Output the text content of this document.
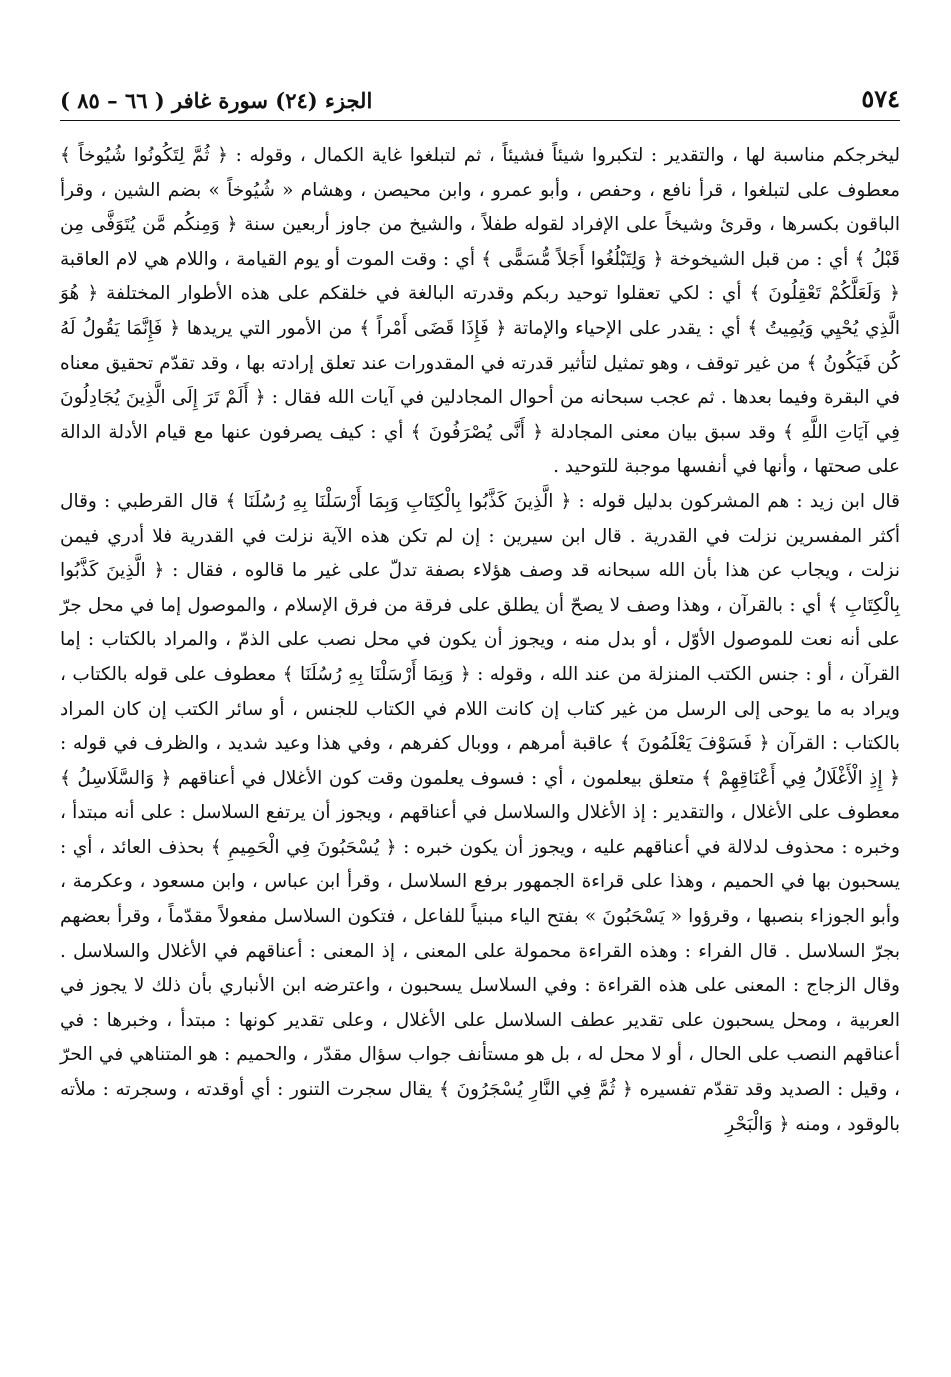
٥٧٤
الجزء (٢٤) سورة غافر ( ٦٦ – ٨٥ )

ليخرجكم مناسبة لها ، والتقدير : لتكبروا شيئاً فشيئاً ، ثم لتبلغوا غاية الكمال ، وقوله : ﴿ ثُمَّ لِتَكُونُوا شُيُوخاً ﴾ معطوف على لتبلغوا ، قرأ نافع ، وحفص ، وأبو عمرو ، وابن محيصن ، وهشام « شُيُوخاً » بضم الشين ، وقرأ الباقون بكسرها ، وقرئ وشيخاً على الإفراد لقوله طفلاً ، والشيخ من جاوز أربعين سنة ﴿ وَمِنكُم مَّن يُتَوَفَّى مِن قَبْلُ ﴾ أي : من قبل الشيخوخة ﴿ وَلِتَبْلُغُوا أَجَلاً مُّسَمًّى ﴾ أي : وقت الموت أو يوم القيامة ، واللام هي لام العاقبة ﴿ وَلَعَلَّكُمْ تَعْقِلُونَ ﴾ أي : لكي تعقلوا توحيد ربكم وقدرته البالغة في خلقكم على هذه الأطوار المختلفة ﴿ هُوَ الَّذِي يُحْيِي وَيُمِيتُ ﴾ أي : يقدر على الإحياء والإماتة ﴿ فَإِذَا قَضَى أَمْراً ﴾ من الأمور التي يريدها ﴿ فَإِنَّمَا يَقُولُ لَهُ كُن فَيَكُونُ ﴾ من غير توقف ، وهو تمثيل لتأثير قدرته في المقدورات عند تعلق إرادته بها ، وقد تقدّم تحقيق معناه في البقرة وفيما بعدها . ثم عجب سبحانه من أحوال المجادلين في آيات الله فقال : ﴿ أَلَمْ تَرَ إِلَى الَّذِينَ يُجَادِلُونَ فِي آيَاتِ اللَّهِ ﴾ وقد سبق بيان معنى المجادلة ﴿ أَنَّى يُصْرَفُونَ ﴾ أي : كيف يصرفون عنها مع قيام الأدلة الدالة على صحتها ، وأنها في أنفسها موجبة للتوحيد .

قال ابن زيد : هم المشركون بدليل قوله : ﴿ الَّذِينَ كَذَّبُوا بِالْكِتَابِ وَبِمَا أَرْسَلْنَا بِهِ رُسُلَنَا ﴾ قال القرطبي : وقال أكثر المفسرين نزلت في القدرية . قال ابن سيرين : إن لم تكن هذه الآية نزلت في القدرية فلا أدري فيمن نزلت ، ويجاب عن هذا بأن الله سبحانه قد وصف هؤلاء بصفة تدلّ على غير ما قالوه ، فقال : ﴿ الَّذِينَ كَذَّبُوا بِالْكِتَابِ ﴾ أي : بالقرآن ، وهذا وصف لا يصحّ أن يطلق على فرقة من فرق الإسلام ، والموصول إما في محل جرّ على أنه نعت للموصول الأوّل ، أو بدل منه ، ويجوز أن يكون في محل نصب على الذمّ ، والمراد بالكتاب : إما القرآن ، أو : جنس الكتب المنزلة من عند الله ، وقوله : ﴿ وَبِمَا أَرْسَلْنَا بِهِ رُسُلَنَا ﴾ معطوف على قوله بالكتاب ، ويراد به ما يوحى إلى الرسل من غير كتاب إن كانت اللام في الكتاب للجنس ، أو سائر الكتب إن كان المراد بالكتاب : القرآن ﴿ فَسَوْفَ يَعْلَمُونَ ﴾ عاقبة أمرهم ، ووبال كفرهم ، وفي هذا وعيد شديد ، والظرف في قوله : ﴿ إِذِ الْأَغْلَالُ فِي أَعْنَاقِهِمْ ﴾ متعلق بيعلمون ، أي : فسوف يعلمون وقت كون الأغلال في أعناقهم ﴿ وَالسَّلَاسِلُ ﴾ معطوف على الأغلال ، والتقدير : إذ الأغلال والسلاسل في أعناقهم ، ويجوز أن يرتفع السلاسل : على أنه مبتدأ ، وخبره : محذوف لدلالة في أعناقهم عليه ، ويجوز أن يكون خبره : ﴿ يُسْحَبُونَ فِي الْحَمِيمِ ﴾ بحذف العائد ، أي : يسحبون بها في الحميم ، وهذا على قراءة الجمهور برفع السلاسل ، وقرأ ابن عباس ، وابن مسعود ، وعكرمة ، وأبو الجوزاء بنصبها ، وقرؤوا « يَسْحَبُونَ » بفتح الياء مبنياً للفاعل ، فتكون السلاسل مفعولاً مقدّماً ، وقرأ بعضهم بجرّ السلاسل . قال الفراء : وهذه القراءة محمولة على المعنى ، إذ المعنى : أعناقهم في الأغلال والسلاسل . وقال الزجاج : المعنى على هذه القراءة : وفي السلاسل يسحبون ، واعترضه ابن الأنباري بأن ذلك لا يجوز في العربية ، ومحل يسحبون على تقدير عطف السلاسل على الأغلال ، وعلى تقدير كونها : مبتدأ ، وخبرها : في أعناقهم النصب على الحال ، أو لا محل له ، بل هو مستأنف جواب سؤال مقدّر ، والحميم : هو المتناهي في الحرّ ، وقيل : الصديد وقد تقدّم تفسيره ﴿ ثُمَّ فِي النَّارِ يُسْجَرُونَ ﴾ يقال سجرت التنور : أي أوقدته ، وسجرته : ملأته بالوقود ، ومنه ﴿ وَالْبَحْرِ
